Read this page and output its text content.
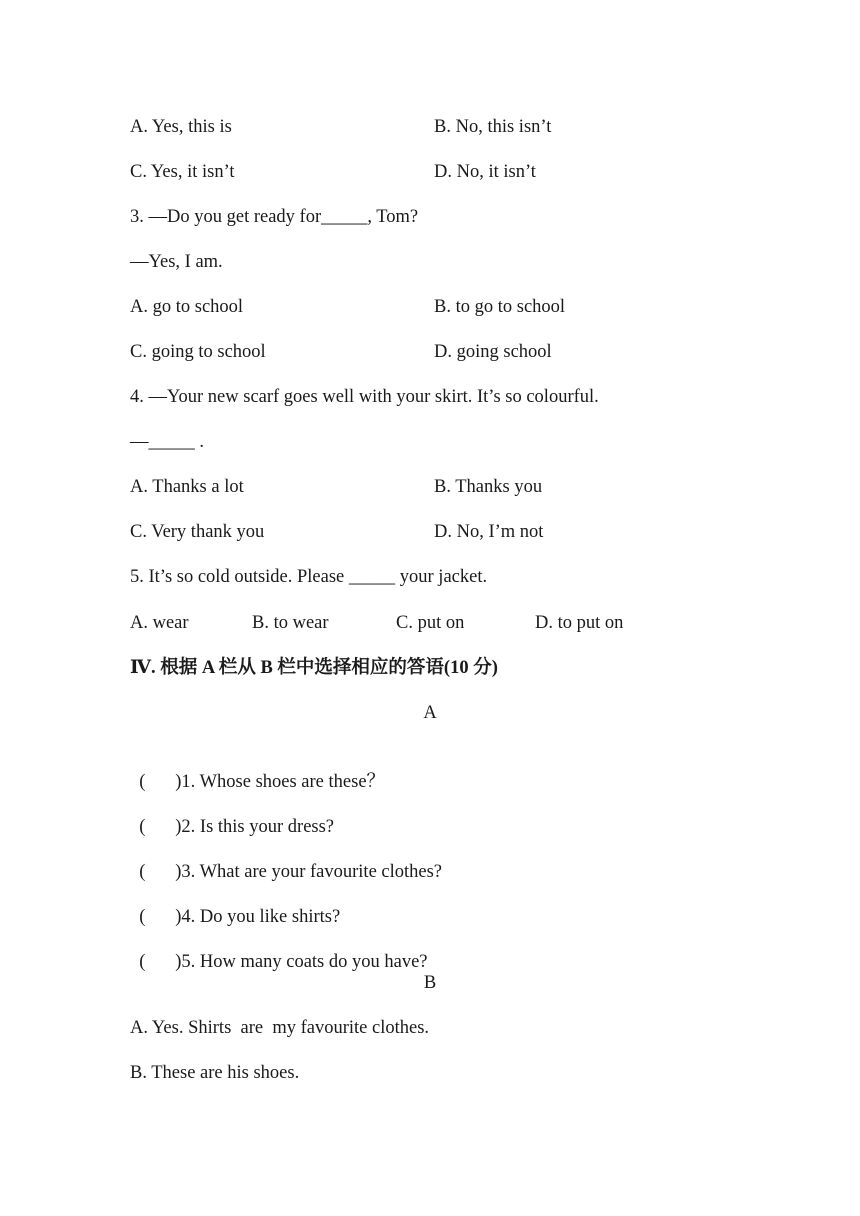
A. Yes, this is	B. No, this isn’t
C. Yes, it isn’t	D. No, it isn’t
3. —Do you get ready for_____, Tom?
—Yes, I am.
A. go to school	B. to go to school
C. going to school	D. going school
4. —Your new scarf goes well with your skirt. It’s so colourful.
—_____ .
A. Thanks a lot	B. Thanks you
C. Very thank you	D. No, I’m not
5. It’s so cold outside. Please _____ your jacket.
A. wear	B. to wear	C. put on	D. to put on
Ⅳ. 根据 A 栏从 B 栏中选择相应的答语(10 分)
A

( )1. Whose shoes are these？

( )2. Is this your dress?

( )3. What are your favourite clothes?

( )4. Do you like shirts?

( )5. How many coats do you have?

B
A. Yes. Shirts  are  my favourite clothes.
B. These are his shoes.
